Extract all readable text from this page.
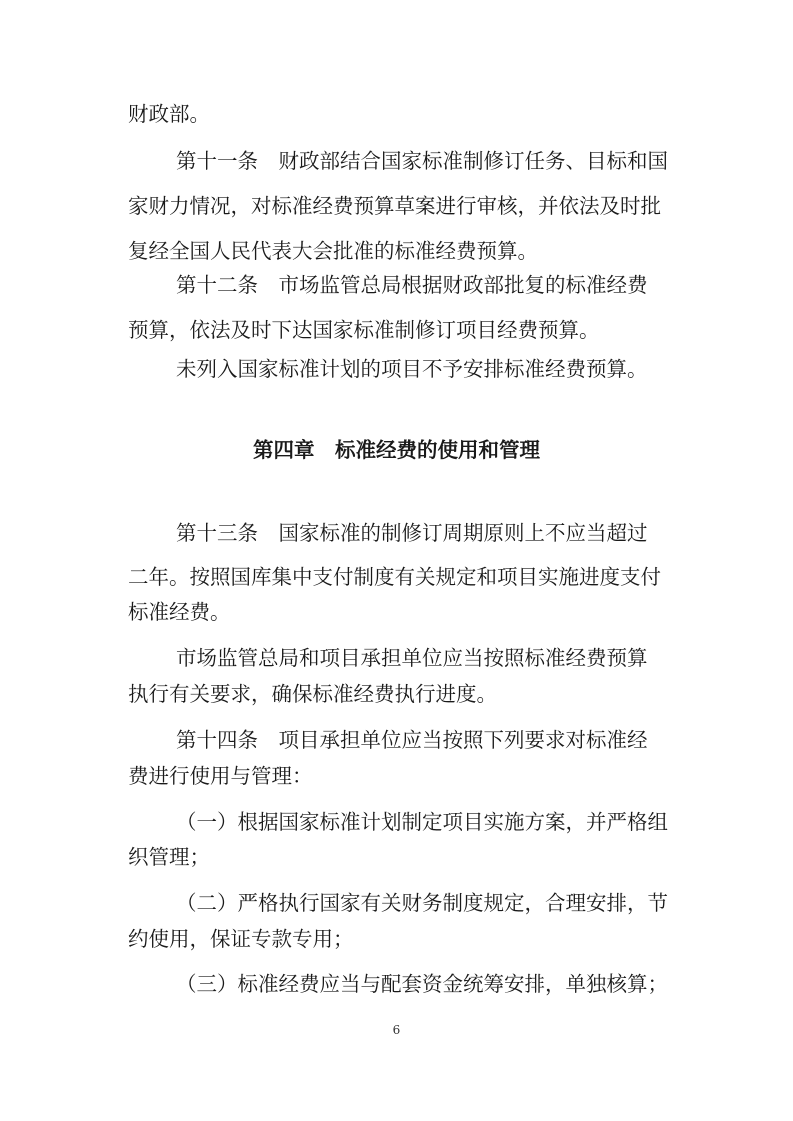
财政部。
第十一条　财政部结合国家标准制修订任务、目标和国
家财力情况，对标准经费预算草案进行审核，并依法及时批
复经全国人民代表大会批准的标准经费预算。
第十二条　市场监管总局根据财政部批复的标准经费
预算，依法及时下达国家标准制修订项目经费预算。
未列入国家标准计划的项目不予安排标准经费预算。
第四章　标准经费的使用和管理
第十三条　国家标准的制修订周期原则上不应当超过
二年。按照国库集中支付制度有关规定和项目实施进度支付
标准经费。
市场监管总局和项目承担单位应当按照标准经费预算
执行有关要求，确保标准经费执行进度。
第十四条　项目承担单位应当按照下列要求对标准经
费进行使用与管理：
（一）根据国家标准计划制定项目实施方案，并严格组
织管理；
（二）严格执行国家有关财务制度规定，合理安排，节
约使用，保证专款专用；
（三）标准经费应当与配套资金统筹安排，单独核算；
6
